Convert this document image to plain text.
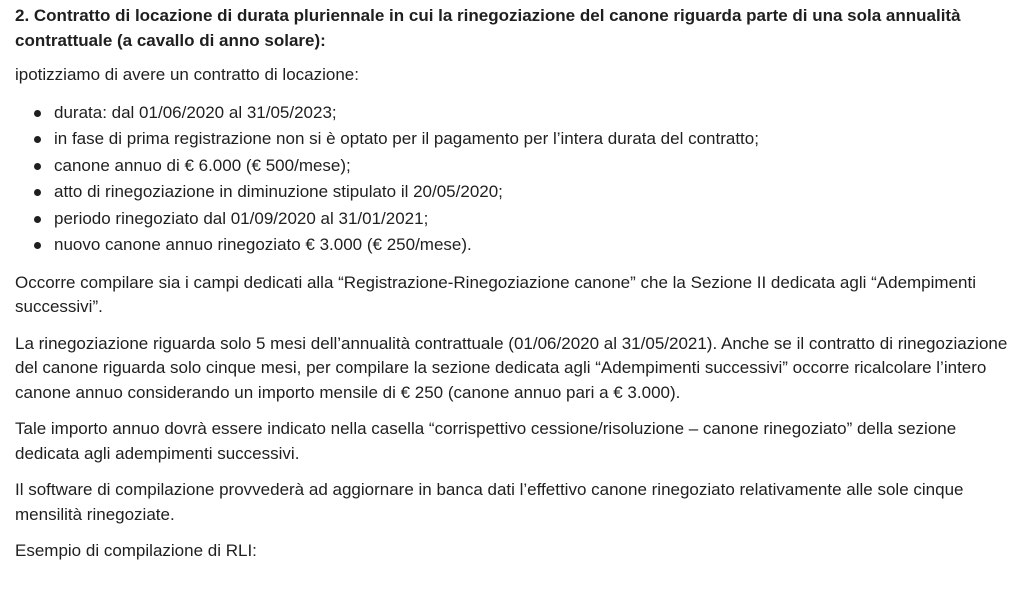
2. Contratto di locazione di durata pluriennale in cui la rinegoziazione del canone riguarda parte di una sola annualità contrattuale (a cavallo di anno solare):

ipotizziamo di avere un contratto di locazione:

durata: dal 01/06/2020 al 31/05/2023;
in fase di prima registrazione non si è optato per il pagamento per l’intera durata del contratto;
canone annuo di € 6.000 (€ 500/mese);
atto di rinegoziazione in diminuzione stipulato il 20/05/2020;
periodo rinegoziato dal 01/09/2020 al 31/01/2021;
nuovo canone annuo rinegoziato € 3.000 (€ 250/mese).

Occorre compilare sia i campi dedicati alla “Registrazione-Rinegoziazione canone” che la Sezione II dedicata agli “Adempimenti successivi”.

La rinegoziazione riguarda solo 5 mesi dell’annualità contrattuale (01/06/2020 al 31/05/2021). Anche se il contratto di rinegoziazione del canone riguarda solo cinque mesi, per compilare la sezione dedicata agli “Adempimenti successivi” occorre ricalcolare l’intero canone annuo considerando un importo mensile di € 250 (canone annuo pari a € 3.000).

Tale importo annuo dovrà essere indicato nella casella “corrispettivo cessione/risoluzione – canone rinegoziato” della sezione dedicata agli adempimenti successivi.

Il software di compilazione provvederà ad aggiornare in banca dati l’effettivo canone rinegoziato relativamente alle sole cinque mensilità rinegoziate.

Esempio di compilazione di RLI:
